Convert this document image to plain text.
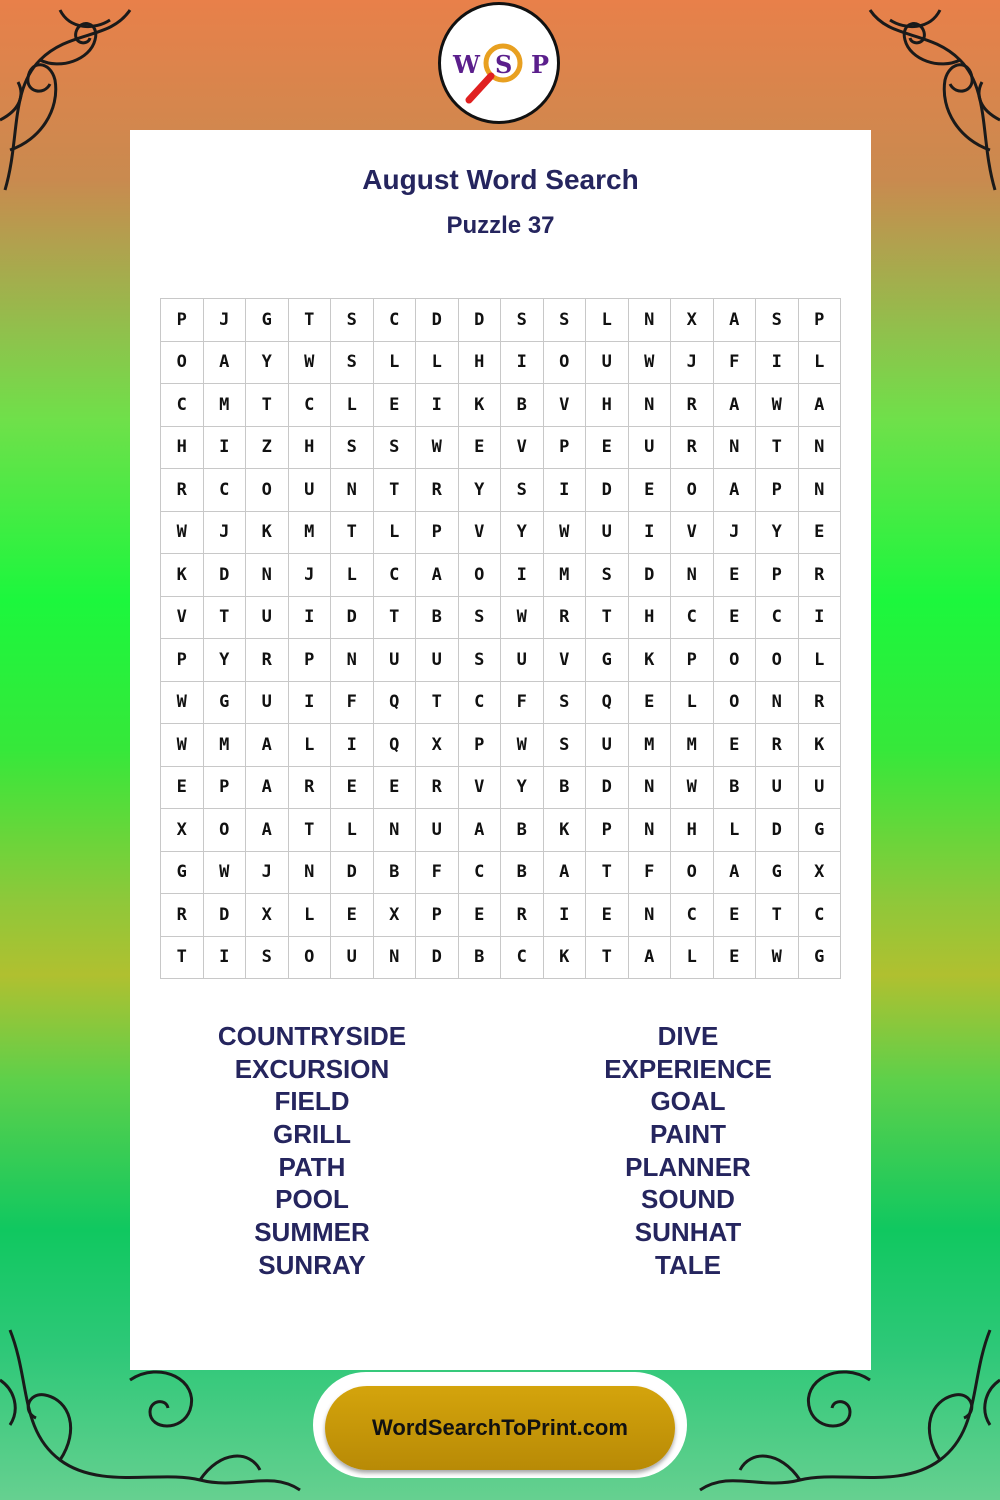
W S P
August Word Search
Puzzle 37
P	J	G	T	S	C	D	D	S	S	L	N	X	A	S	P
O	A	Y	W	S	L	L	H	I	O	U	W	J	F	I	L
C	M	T	C	L	E	I	K	B	V	H	N	R	A	W	A
H	I	Z	H	S	S	W	E	V	P	E	U	R	N	T	N
R	C	O	U	N	T	R	Y	S	I	D	E	O	A	P	N
W	J	K	M	T	L	P	V	Y	W	U	I	V	J	Y	E
K	D	N	J	L	C	A	O	I	M	S	D	N	E	P	R
V	T	U	I	D	T	B	S	W	R	T	H	C	E	C	I
P	Y	R	P	N	U	U	S	U	V	G	K	P	O	O	L
W	G	U	I	F	Q	T	C	F	S	Q	E	L	O	N	R
W	M	A	L	I	Q	X	P	W	S	U	M	M	E	R	K
E	P	A	R	E	E	R	V	Y	B	D	N	W	B	U	U
X	O	A	T	L	N	U	A	B	K	P	N	H	L	D	G
G	W	J	N	D	B	F	C	B	A	T	F	O	A	G	X
R	D	X	L	E	X	P	E	R	I	E	N	C	E	T	C
T	I	S	O	U	N	D	B	C	K	T	A	L	E	W	G
COUNTRYSIDE
EXCURSION
FIELD
GRILL
PATH
POOL
SUMMER
SUNRAY
DIVE
EXPERIENCE
GOAL
PAINT
PLANNER
SOUND
SUNHAT
TALE
WordSearchToPrint.com
